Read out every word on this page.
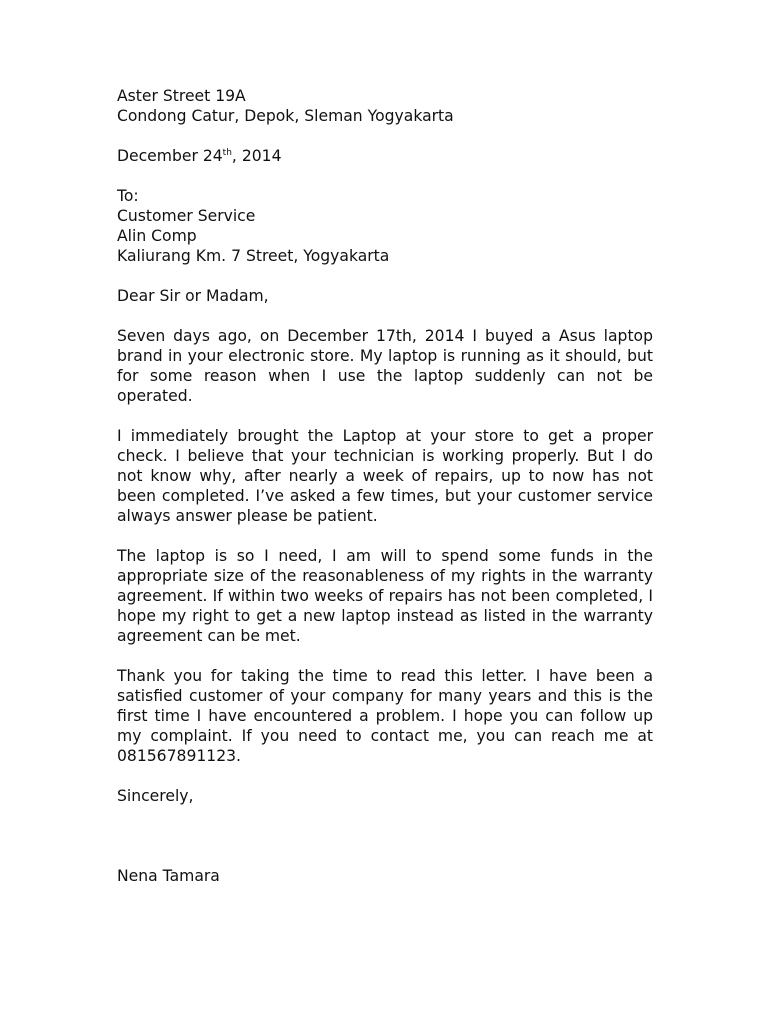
Aster Street 19A
Condong Catur, Depok, Sleman Yogyakarta
December 24th, 2014
To:
Customer Service
Alin Comp
Kaliurang Km. 7 Street, Yogyakarta
Dear Sir or Madam,

Seven days ago, on December 17th, 2014 I buyed a Asus laptop brand in your electronic store. My laptop is running as it should, but for some reason when I use the laptop suddenly can not be operated.

I immediately brought the Laptop at your store to get a proper check. I believe that your technician is working properly. But I do not know why, after nearly a week of repairs, up to now has not been completed. I’ve asked a few times, but your customer service always answer please be patient.

The laptop is so I need, I am will to spend some funds in the appropriate size of the reasonableness of my rights in the warranty agreement. If within two weeks of repairs has not been completed, I hope my right to get a new laptop instead as listed in the warranty agreement can be met.

Thank you for taking the time to read this letter. I have been a satisfied customer of your company for many years and this is the first time I have encountered a problem. I hope you can follow up my complaint. If you need to contact me, you can reach me at 081567891123.

Sincerely,
Nena Tamara
